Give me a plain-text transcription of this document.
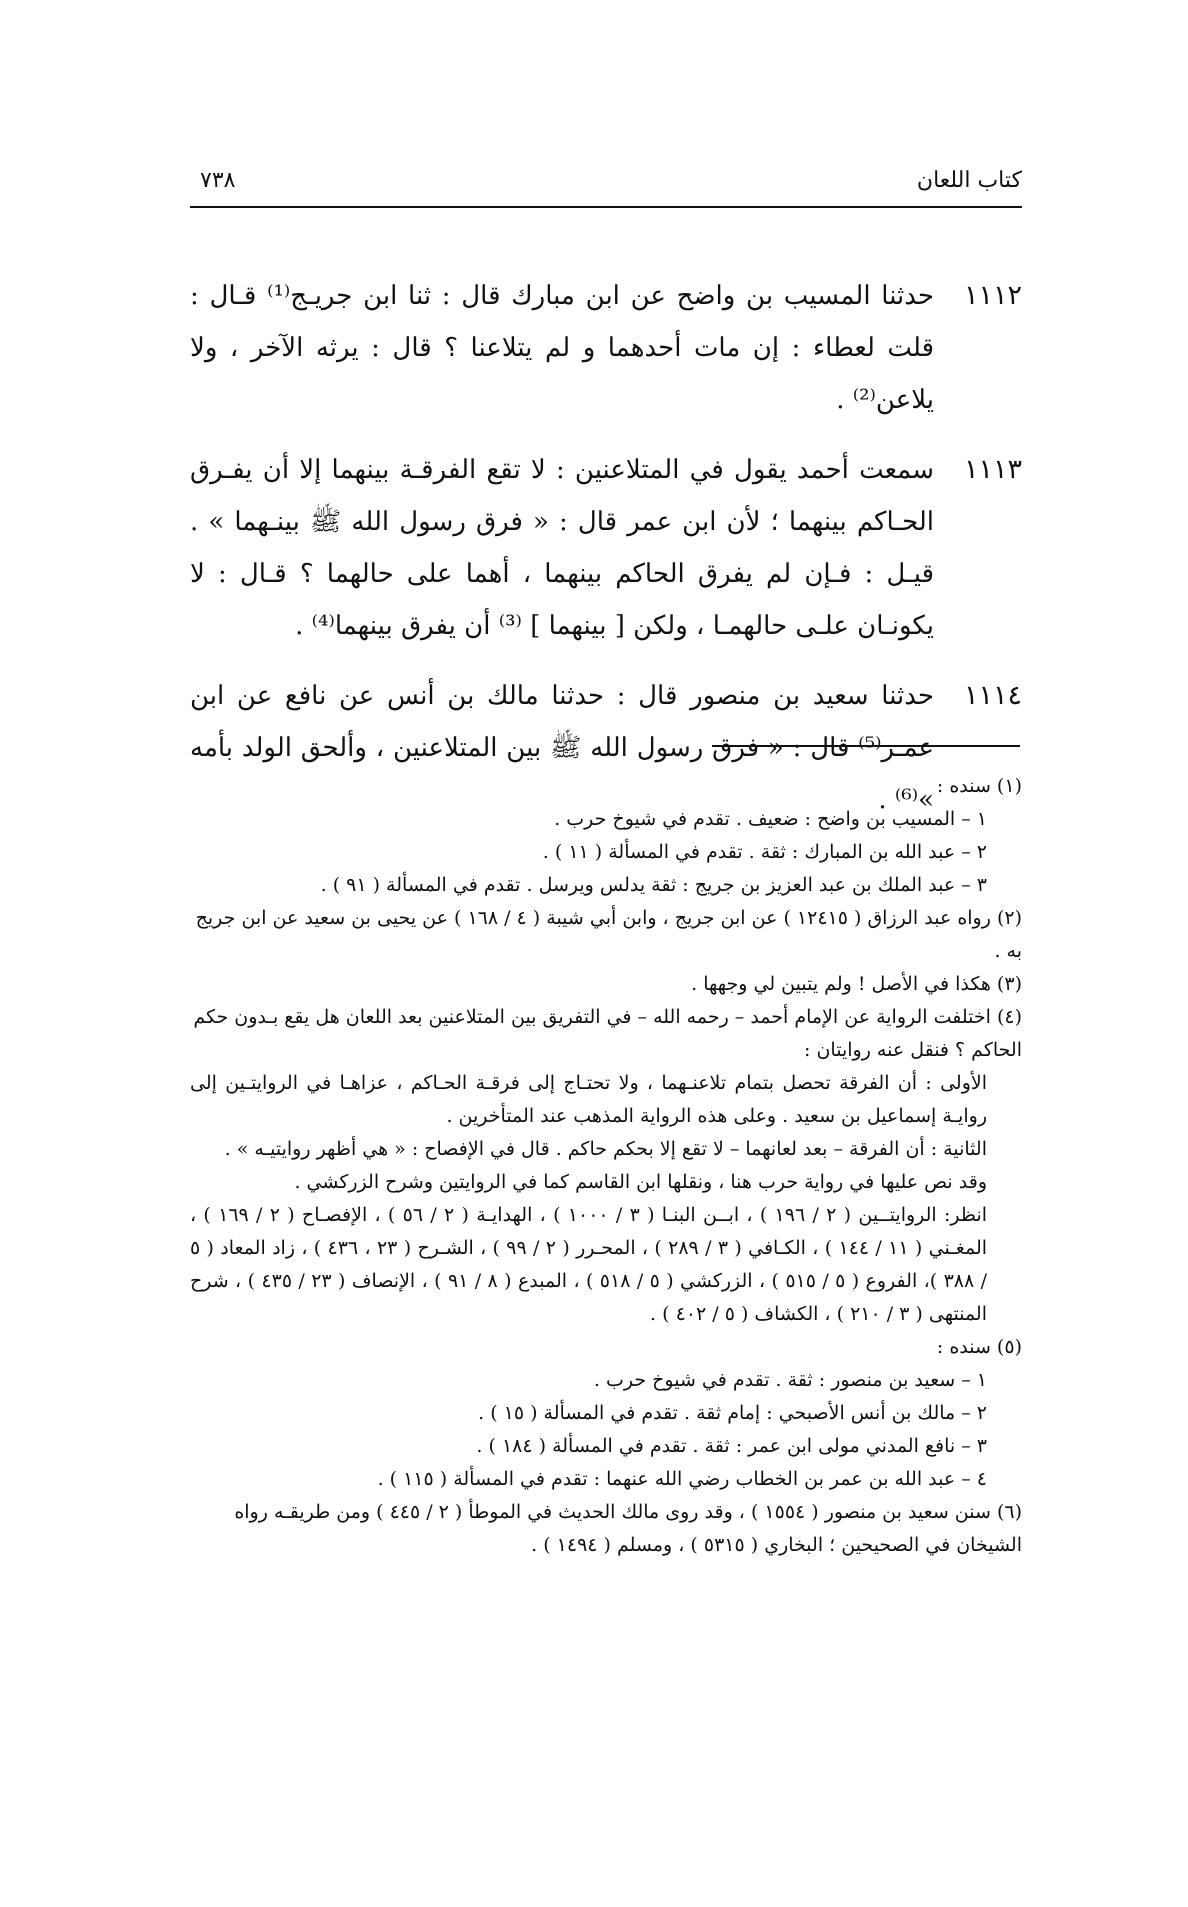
كتاب اللعان
٧٣٨
١١١٢
حدثنا المسيب بن واضح عن ابن مبارك قال : ثنا ابن جريـج⁽¹⁾ قـال : قلت لعطاء : إن مات أحدهما و لم يتلاعنا ؟ قال : يرثه الآخر ، ولا يلاعن⁽²⁾ .
١١١٣
سمعت أحمد يقول في المتلاعنين : لا تقع الفرقـة بينهما إلا أن يفـرق الحـاكم بينهما ؛ لأن ابن عمر قال : « فرق رسول الله ﷺ بينـهما » . قيـل : فـإن لم يفرق الحاكم بينهما ، أهما على حالهما ؟ قـال : لا يكونـان علـى حالهمـا ، ولكن [ بينهما ] ⁽³⁾ أن يفرق بينهما⁽⁴⁾ .
١١١٤
حدثنا سعيد بن منصور قال : حدثنا مالك بن أنس عن نافع عن ابن عمـر⁽⁵⁾ قال : « فرق رسول الله ﷺ بين المتلاعنين ، وألحق الولد بأمه »⁽⁶⁾ . (١) سنده :

١ – المسيب بن واضح : ضعيف . تقدم في شيوخ حرب .

٢ – عبد الله بن المبارك : ثقة . تقدم في المسألة ( ١١ ) .

٣ – عبد الملك بن عبد العزيز بن جريج : ثقة يدلس ويرسل . تقدم في المسألة ( ٩١ ) .

(٢) رواه عبد الرزاق ( ١٢٤١٥ ) عن ابن جريج ، وابن أبي شيبة ( ٤ / ١٦٨ ) عن يحيى بن سعيد عن ابن جريج به .

(٣) هكذا في الأصل ! ولم يتبين لي وجهها .

(٤) اختلفت الرواية عن الإمام أحمد – رحمه الله – في التفريق بين المتلاعنين بعد اللعان هل يقع بـدون حكم الحاكم ؟ فنقل عنه روايتان :

الأولى : أن الفرقة تحصل بتمام تلاعنـهما ، ولا تحتـاج إلى فرقـة الحـاكم ، عزاهـا في الروايتـين إلى روايـة إسماعيل بن سعيد . وعلى هذه الرواية المذهب عند المتأخرين .

الثانية : أن الفرقة – بعد لعانهما – لا تقع إلا بحكم حاكم . قال في الإفصاح : « هي أظهر روايتيـه » .

وقد نص عليها في رواية حرب هنا ، ونقلها ابن القاسم كما في الروايتين وشرح الزركشي .

انظر: الروايتــين ( ٢ / ١٩٦ ) ، ابــن البنـا ( ٣ / ١٠٠٠ ) ، الهدايـة ( ٢ / ٥٦ ) ، الإفصـاح ( ٢ / ١٦٩ ) ، المغـني ( ١١ / ١٤٤ ) ، الكـافي ( ٣ / ٢٨٩ ) ، المحـرر ( ٢ / ٩٩ ) ، الشـرح ( ٢٣ ، ٤٣٦ ) ، زاد المعاد ( ٥ / ٣٨٨ )، الفروع ( ٥ / ٥١٥ ) ، الزركشي ( ٥ / ٥١٨ ) ، المبدع ( ٨ / ٩١ ) ، الإنصاف ( ٢٣ / ٤٣٥ ) ، شرح المنتهى ( ٣ / ٢١٠ ) ، الكشاف ( ٥ / ٤٠٢ ) .

(٥) سنده :

١ – سعيد بن منصور : ثقة . تقدم في شيوخ حرب .

٢ – مالك بن أنس الأصبحي : إمام ثقة . تقدم في المسألة ( ١٥ ) .

٣ – نافع المدني مولى ابن عمر : ثقة . تقدم في المسألة ( ١٨٤ ) .

٤ – عبد الله بن عمر بن الخطاب رضي الله عنهما : تقدم في المسألة ( ١١٥ ) .

(٦) سنن سعيد بن منصور ( ١٥٥٤ ) ، وقد روى مالك الحديث في الموطأ ( ٢ / ٤٤٥ ) ومن طريقـه رواه الشيخان في الصحيحين ؛ البخاري ( ٥٣١٥ ) ، ومسلم ( ١٤٩٤ ) .
